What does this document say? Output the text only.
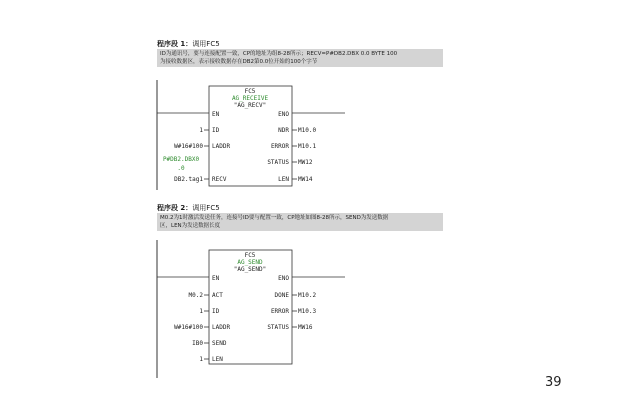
程序段 1：调用FC5
ID为通讯号，要与连接配置一致，CP的地址为组8-28所示；RECV=P#DB2.DBX 0.0 BYTE 100
为接收数据区，表示接收数据存在DB2第0.0位开始的100个字节
程序段 2：调用FC5
M0.2为1时激活发送任务，连接号ID要与配置一致，CP地址如图8-28所示，SEND为发送数据
区，LEN为发送数据长度
FC5
AG_RECEIVE
"AG_RECV"
EN
ID
LADDR
RECV
ENO
NDR
ERROR
STATUS
LEN
1
W#16#100
P#DB2.DBX0
.0
DB2.tag1
M10.0
M10.1
MW12
MW14
FC5
AG_SEND
"AG_SEND"
EN
ACT
ID
LADDR
SEND
LEN
ENO
DONE
ERROR
STATUS
M0.2
1
W#16#100
IB0
1
M10.2
M10.3
MW16
39
